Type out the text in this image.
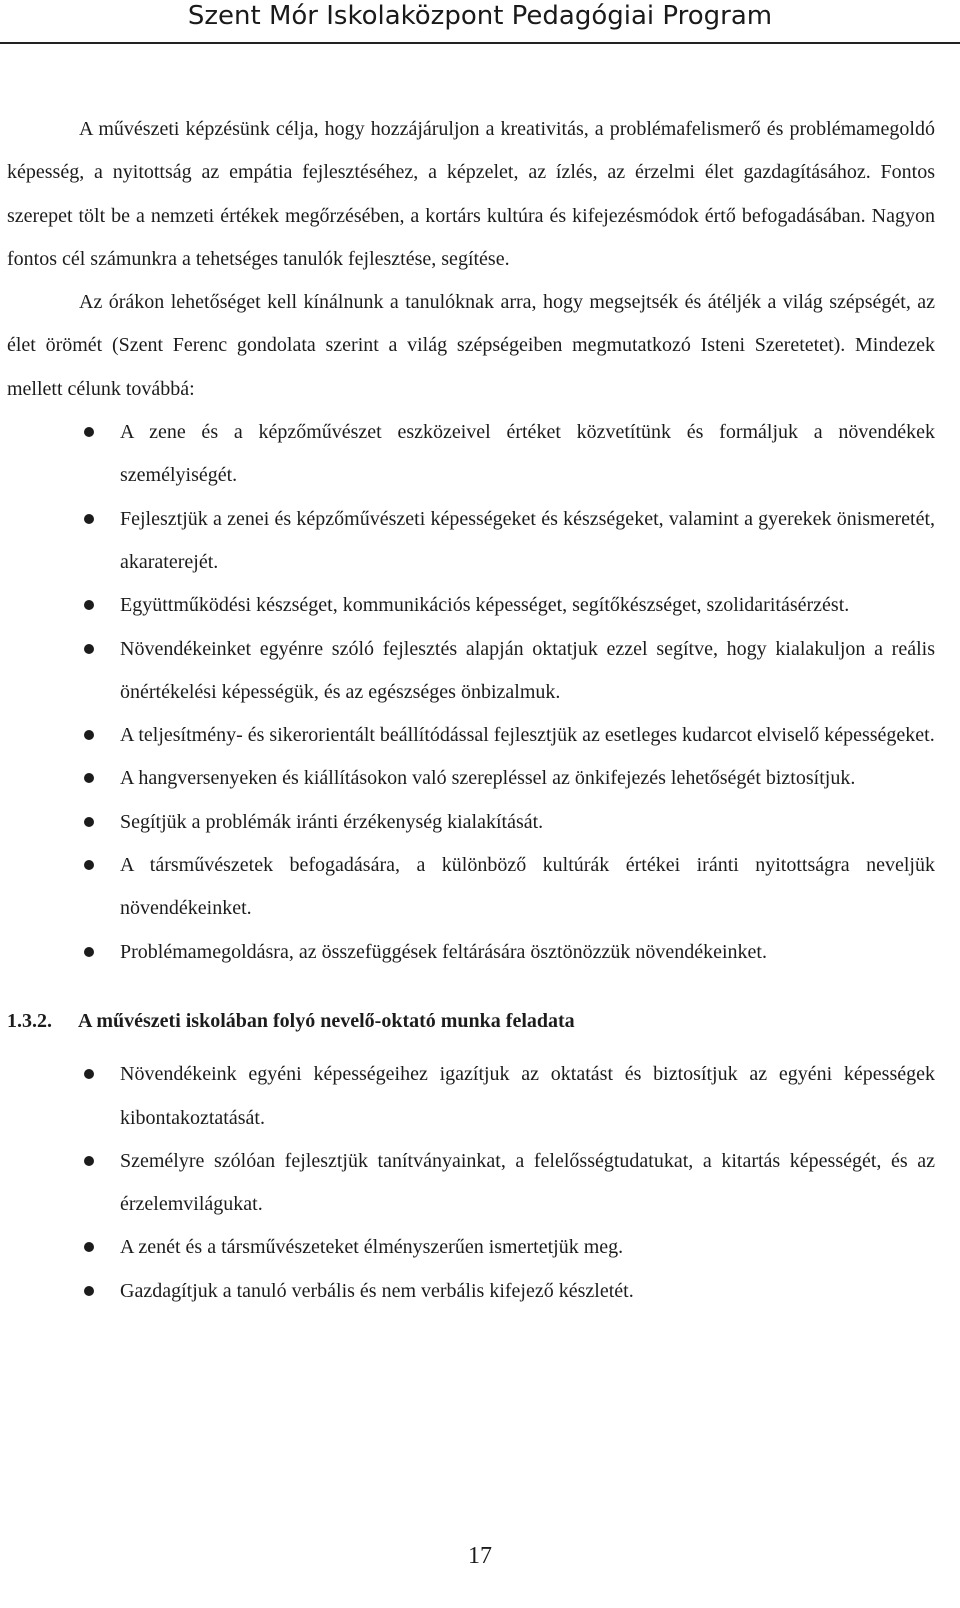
Szent Mór Iskolaközpont Pedagógiai Program

A művészeti képzésünk célja, hogy hozzájáruljon a kreativitás, a problémafelismerő és problémamegoldó képesség, a nyitottság az empátia fejlesztéséhez, a képzelet, az ízlés, az érzelmi élet gazdagításához. Fontos szerepet tölt be a nemzeti értékek megőrzésében, a kortárs kultúra és kifejezésmódok értő befogadásában. Nagyon fontos cél számunkra a tehetséges tanulók fejlesztése, segítése.

Az órákon lehetőséget kell kínálnunk a tanulóknak arra, hogy megsejtsék és átéljék a világ szépségét, az élet örömét (Szent Ferenc gondolata szerint a világ szépségeiben megmutatkozó Isteni Szeretetet). Mindezek mellett célunk továbbá:

A zene és a képzőművészet eszközeivel értéket közvetítünk és formáljuk a növendékek személyiségét.
Fejlesztjük a zenei és képzőművészeti képességeket és készségeket, valamint a gyerekek önismeretét, akaraterejét.
Együttműködési készséget, kommunikációs képességet, segítőkészséget, szolidaritásérzést.
Növendékeinket egyénre szóló fejlesztés alapján oktatjuk ezzel segítve, hogy kialakuljon a reális önértékelési képességük, és az egészséges önbizalmuk.
A teljesítmény- és sikerorientált beállítódással fejlesztjük az esetleges kudarcot elviselő képességeket.
A hangversenyeken és kiállításokon való szerepléssel az önkifejezés lehetőségét biztosítjuk.
Segítjük a problémák iránti érzékenység kialakítását.
A társművészetek befogadására, a különböző kultúrák értékei iránti nyitottságra neveljük növendékeinket.
Problémamegoldásra, az összefüggések feltárására ösztönözzük növendékeinket.
1.3.2.	A művészeti iskolában folyó nevelő-oktató munka feladata
Növendékeink egyéni képességeihez igazítjuk az oktatást és biztosítjuk az egyéni képességek kibontakoztatását.
Személyre szólóan fejlesztjük tanítványainkat, a felelősségtudatukat, a kitartás képességét, és az érzelemvilágukat.
A zenét és a társművészeteket élményszerűen ismertetjük meg.
Gazdagítjuk a tanuló verbális és nem verbális kifejező készletét.
17
